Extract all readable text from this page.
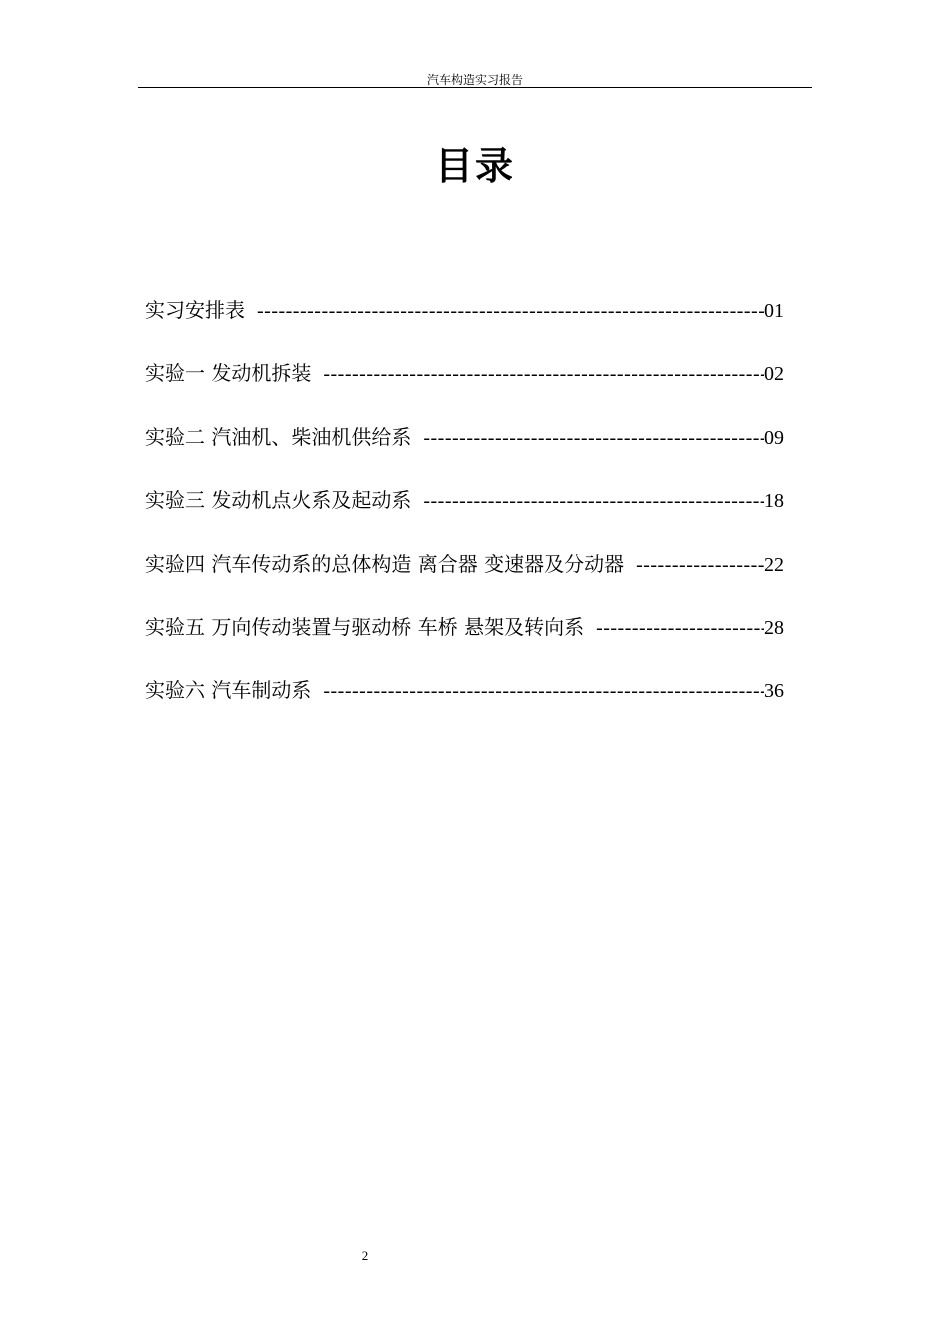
汽车构造实习报告
目录
实习安排表 -----	01
实验一 发动机拆装 -----	02
实验二 汽油机、柴油机供给系 -----	09
实验三 发动机点火系及起动系 -----	18
实验四 汽车传动系的总体构造 离合器 变速器及分动器 -----	22
实验五 万向传动装置与驱动桥 车桥 悬架及转向系 -----	28
实验六 汽车制动系 -----	36
2
